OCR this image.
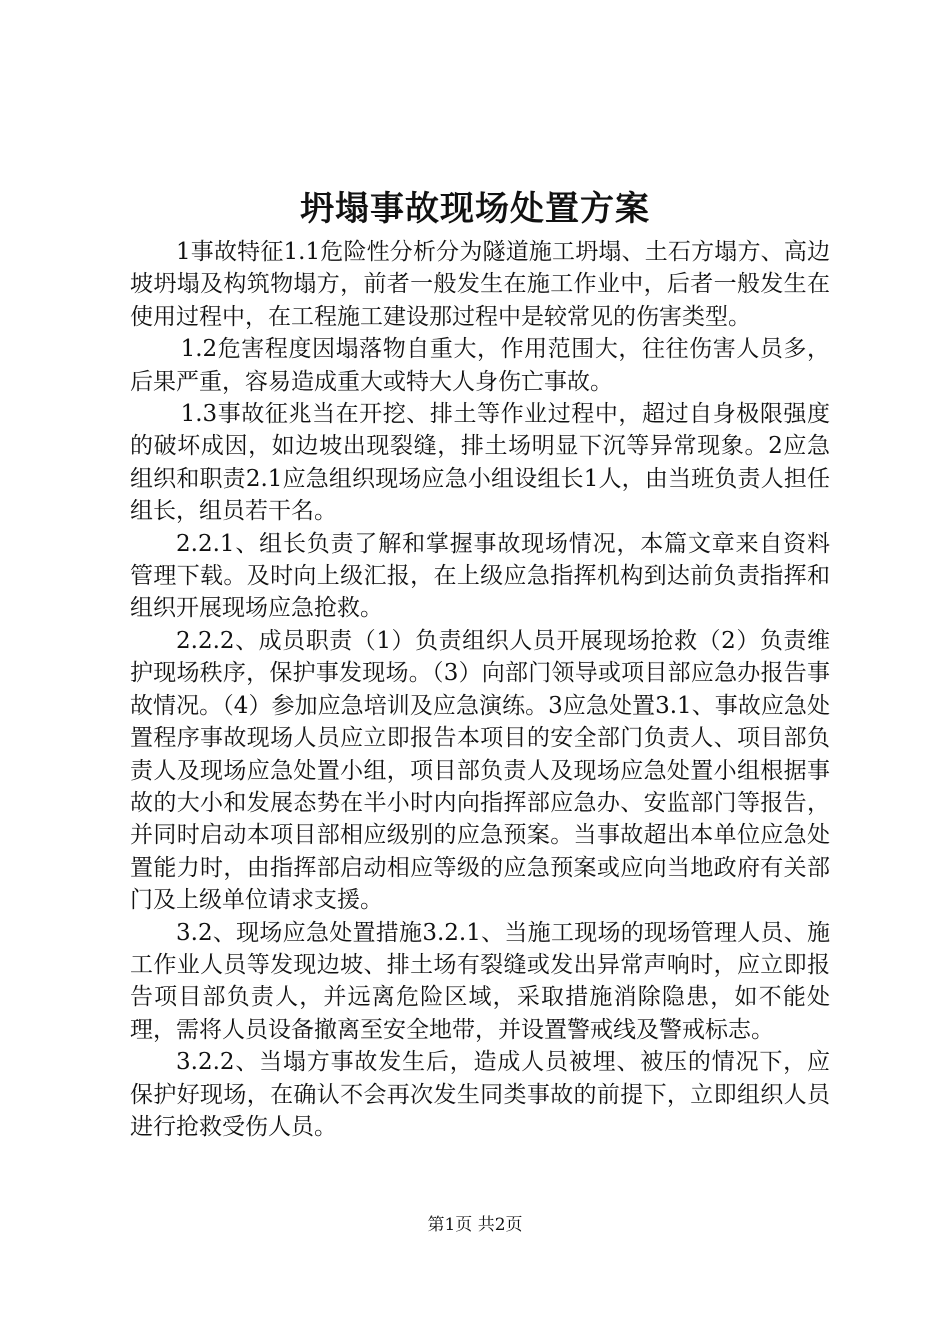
坍塌事故现场处置方案

1事故特征1.1危险性分析分为隧道施工坍塌、土石方塌方、高边坡坍塌及构筑物塌方，前者一般发生在施工作业中，后者一般发生在使用过程中，在工程施工建设那过程中是较常见的伤害类型。

1.2危害程度因塌落物自重大，作用范围大，往往伤害人员多，后果严重，容易造成重大或特大人身伤亡事故。

1.3事故征兆当在开挖、排土等作业过程中，超过自身极限强度的破坏成因，如边坡出现裂缝，排土场明显下沉等异常现象。2应急组织和职责2.1应急组织现场应急小组设组长1人，由当班负责人担任组长，组员若干名。

2.2.1、组长负责了解和掌握事故现场情况，本篇文章来自资料管理下载。及时向上级汇报，在上级应急指挥机构到达前负责指挥和组织开展现场应急抢救。

2.2.2、成员职责（1）负责组织人员开展现场抢救（2）负责维护现场秩序，保护事发现场。（3）向部门领导或项目部应急办报告事故情况。（4）参加应急培训及应急演练。3应急处置3.1、事故应急处置程序事故现场人员应立即报告本项目的安全部门负责人、项目部负责人及现场应急处置小组，项目部负责人及现场应急处置小组根据事故的大小和发展态势在半小时内向指挥部应急办、安监部门等报告，并同时启动本项目部相应级别的应急预案。当事故超出本单位应急处置能力时，由指挥部启动相应等级的应急预案或应向当地政府有关部门及上级单位请求支援。

3.2、现场应急处置措施3.2.1、当施工现场的现场管理人员、施工作业人员等发现边坡、排土场有裂缝或发出异常声响时，应立即报告项目部负责人，并远离危险区域，采取措施消除隐患，如不能处理，需将人员设备撤离至安全地带，并设置警戒线及警戒标志。

3.2.2、当塌方事故发生后，造成人员被埋、被压的情况下，应保护好现场，在确认不会再次发生同类事故的前提下，立即组织人员进行抢救受伤人员。

第1页 共2页
